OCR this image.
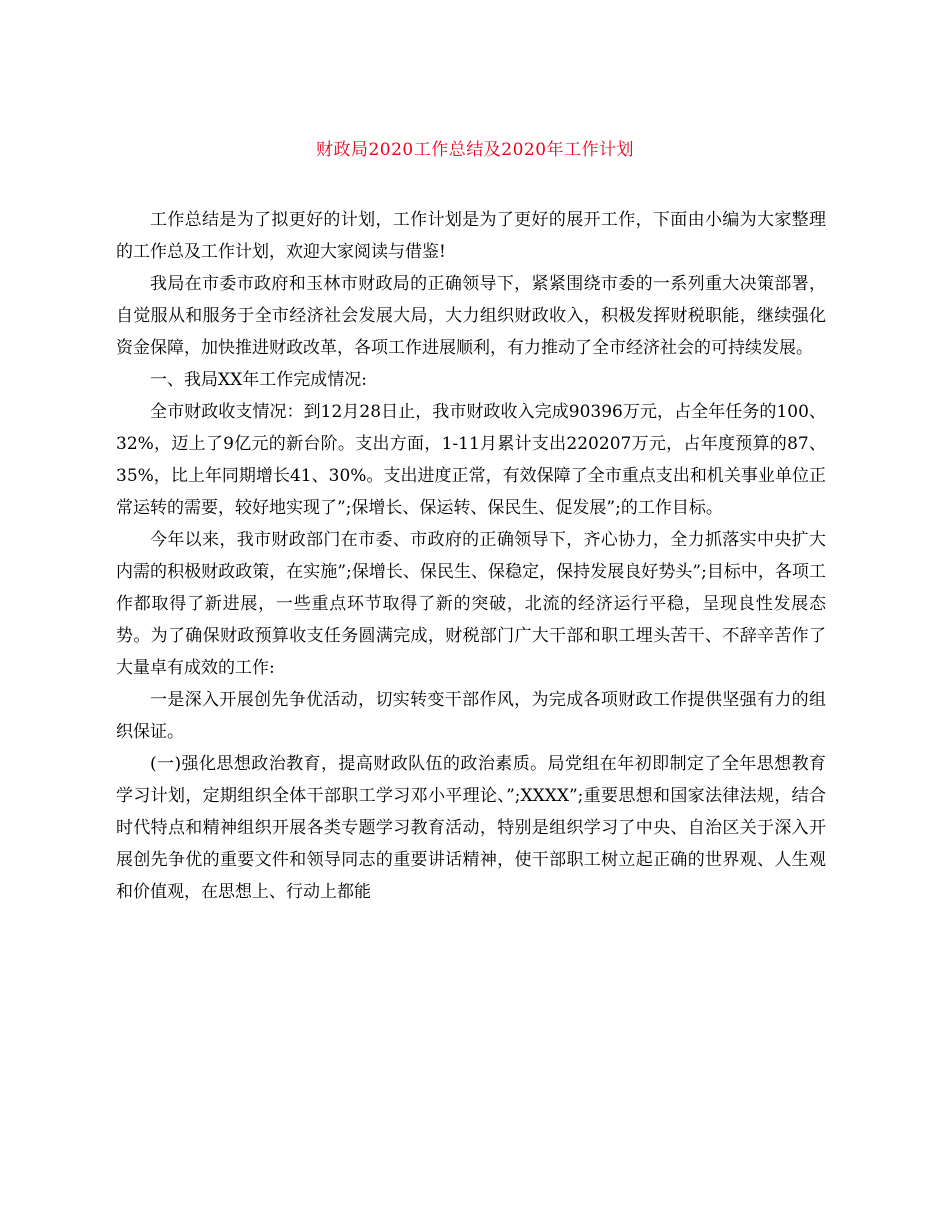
财政局2020工作总结及2020年工作计划

工作总结是为了拟更好的计划，工作计划是为了更好的展开工作，下面由小编为大家整理的工作总及工作计划，欢迎大家阅读与借鉴!

我局在市委市政府和玉林市财政局的正确领导下，紧紧围绕市委的一系列重大决策部署，自觉服从和服务于全市经济社会发展大局，大力组织财政收入，积极发挥财税职能，继续强化资金保障，加快推进财政改革，各项工作进展顺利，有力推动了全市经济社会的可持续发展。

一、我局XX年工作完成情况:

全市财政收支情况：到12月28日止，我市财政收入完成90396万元，占全年任务的100、32%，迈上了9亿元的新台阶。支出方面，1-11月累计支出220207万元，占年度预算的87、35%，比上年同期增长41、30%。支出进度正常，有效保障了全市重点支出和机关事业单位正常运转的需要，较好地实现了”;保增长、保运转、保民生、促发展”;的工作目标。

今年以来，我市财政部门在市委、市政府的正确领导下，齐心协力，全力抓落实中央扩大内需的积极财政政策，在实施”;保增长、保民生、保稳定，保持发展良好势头”;目标中，各项工作都取得了新进展，一些重点环节取得了新的突破，北流的经济运行平稳，呈现良性发展态势。为了确保财政预算收支任务圆满完成，财税部门广大干部和职工埋头苦干、不辞辛苦作了大量卓有成效的工作:

一是深入开展创先争优活动，切实转变干部作风，为完成各项财政工作提供坚强有力的组织保证。

(一)强化思想政治教育，提高财政队伍的政治素质。局党组在年初即制定了全年思想教育学习计划，定期组织全体干部职工学习邓小平理论、”;XXXX”;重要思想和国家法律法规，结合时代特点和精神组织开展各类专题学习教育活动，特别是组织学习了中央、自治区关于深入开展创先争优的重要文件和领导同志的重要讲话精神，使干部职工树立起正确的世界观、人生观和价值观，在思想上、行动上都能
